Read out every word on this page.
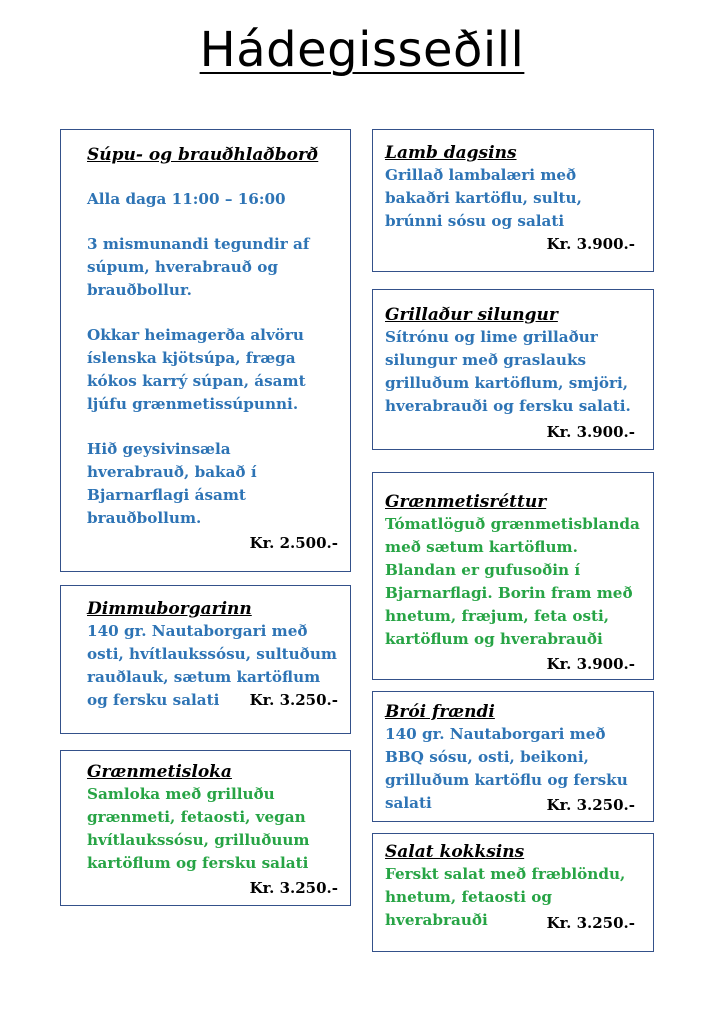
Hádegisseðill

Súpu- og brauðhlaðborð

Alla daga 11:00 – 16:00

3 mismunandi tegundir af súpum, hverabrauð og brauðbollur.

Okkar heimagerða alvöru íslenska kjötsúpa, fræga kókos karrý súpan, ásamt ljúfu grænmetissúpunni.

Hið geysivinsæla hverabrauð, bakað í Bjarnarflagi ásamt brauðbollum.

Kr. 2.500.-

Dimmuborgarinn

140 gr. Nautaborgari með osti, hvítlaukssósu, sultuðum rauðlauk, sætum kartöflum og fersku salati	Kr. 3.250.-

Grænmetisloka

Samloka með grilluðu grænmeti, fetaosti, vegan hvítlaukssósu, grilluðuum kartöflum og fersku salati

Kr. 3.250.-

Lamb dagsins

Grillað lambalæri með bakaðri kartöflu, sultu, brúnni sósu og salati

Kr. 3.900.-

Grillaður silungur

Sítrónu og lime grillaður silungur með graslauks grilluðum kartöflum, smjöri, hverabrauði og fersku salati.

Kr. 3.900.-

Grænmetisréttur

Tómatlöguð grænmetisblanda með sætum kartöflum. Blandan er gufusoðin í Bjarnarflagi. Borin fram með hnetum, fræjum, feta osti, kartöflum og hverabrauði

Kr. 3.900.-

Brói frændi

140 gr. Nautaborgari með BBQ sósu, osti, beikoni, grilluðum kartöflu og fersku salati	Kr. 3.250.-

Salat kokksins

Ferskt salat með fræblöndu, hnetum, fetaosti og hverabrauði	Kr. 3.250.-
